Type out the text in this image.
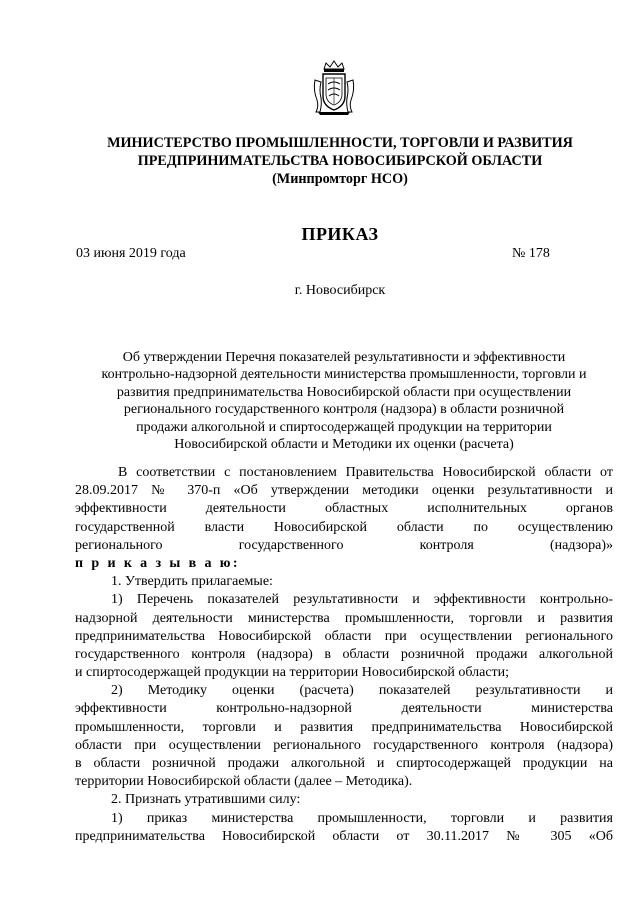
МИНИСТЕРСТВО ПРОМЫШЛЕННОСТИ, ТОРГОВЛИ И РАЗВИТИЯ
ПРЕДПРИНИМАТЕЛЬСТВА НОВОСИБИРСКОЙ ОБЛАСТИ
(Минпромторг НСО)
ПРИКАЗ
03 июня 2019 года	№ 178
г. Новосибирск
Об утверждении Перечня показателей результативности и эффективности
контрольно-надзорной деятельности министерства промышленности, торговли и
развития предпринимательства Новосибирской области при осуществлении
регионального государственного контроля (надзора) в области розничной
продажи алкогольной и спиртосодержащей продукции на территории
Новосибирской области и Методики их оценки (расчета)
В соответствии с постановлением Правительства Новосибирской области от
28.09.2017 № 370-п «Об утверждении методики оценки результативности и
эффективности деятельности областных исполнительных органов
государственной власти Новосибирской области по осуществлению
регионального государственного контроля (надзора)»
п р и к а з ы в а ю:
1. Утвердить прилагаемые:
1) Перечень показателей результативности и эффективности контрольно-
надзорной деятельности министерства промышленности, торговли и развития
предпринимательства Новосибирской области при осуществлении регионального
государственного контроля (надзора) в области розничной продажи алкогольной
и спиртосодержащей продукции на территории Новосибирской области;
2) Методику оценки (расчета) показателей результативности и
эффективности контрольно-надзорной деятельности министерства
промышленности, торговли и развития предпринимательства Новосибирской
области при осуществлении регионального государственного контроля (надзора)
в области розничной продажи алкогольной и спиртосодержащей продукции на
территории Новосибирской области (далее – Методика).
2. Признать утратившими силу:
1) приказ министерства промышленности, торговли и развития
предпринимательства Новосибирской области от 30.11.2017 № 305 «Об
